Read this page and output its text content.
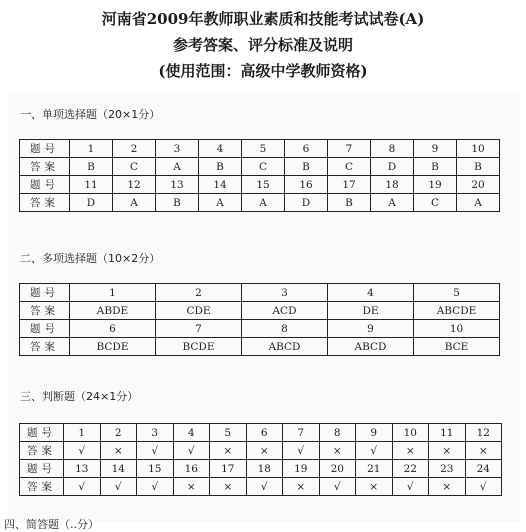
河南省2009年教师职业素质和技能考试试卷(A)
参考答案、评分标准及说明
(使用范围：高级中学教师资格)
一、单项选择题（20×1分）
题号	1	2	3	4	5	6	7	8	9	10
答案	B	C	A	B	C	B	C	D	B	B
题号	11	12	13	14	15	16	17	18	19	20
答案	D	A	B	A	A	D	B	A	C	A
二、多项选择题（10×2分）
题号	1	2	3	4	5
答案	ABDE	CDE	ACD	DE	ABCDE
题号	6	7	8	9	10
答案	BCDE	BCDE	ABCD	ABCD	BCE
三、判断题（24×1分）
题号	1	2	3	4	5	6	7	8	9	10	11	12
答案	√	×	√	√	×	×	√	×	√	×	×	×
题号	13	14	15	16	17	18	19	20	21	22	23	24
答案	√	√	√	×	×	√	×	√	×	√	×	√
四、简答题（..分）
